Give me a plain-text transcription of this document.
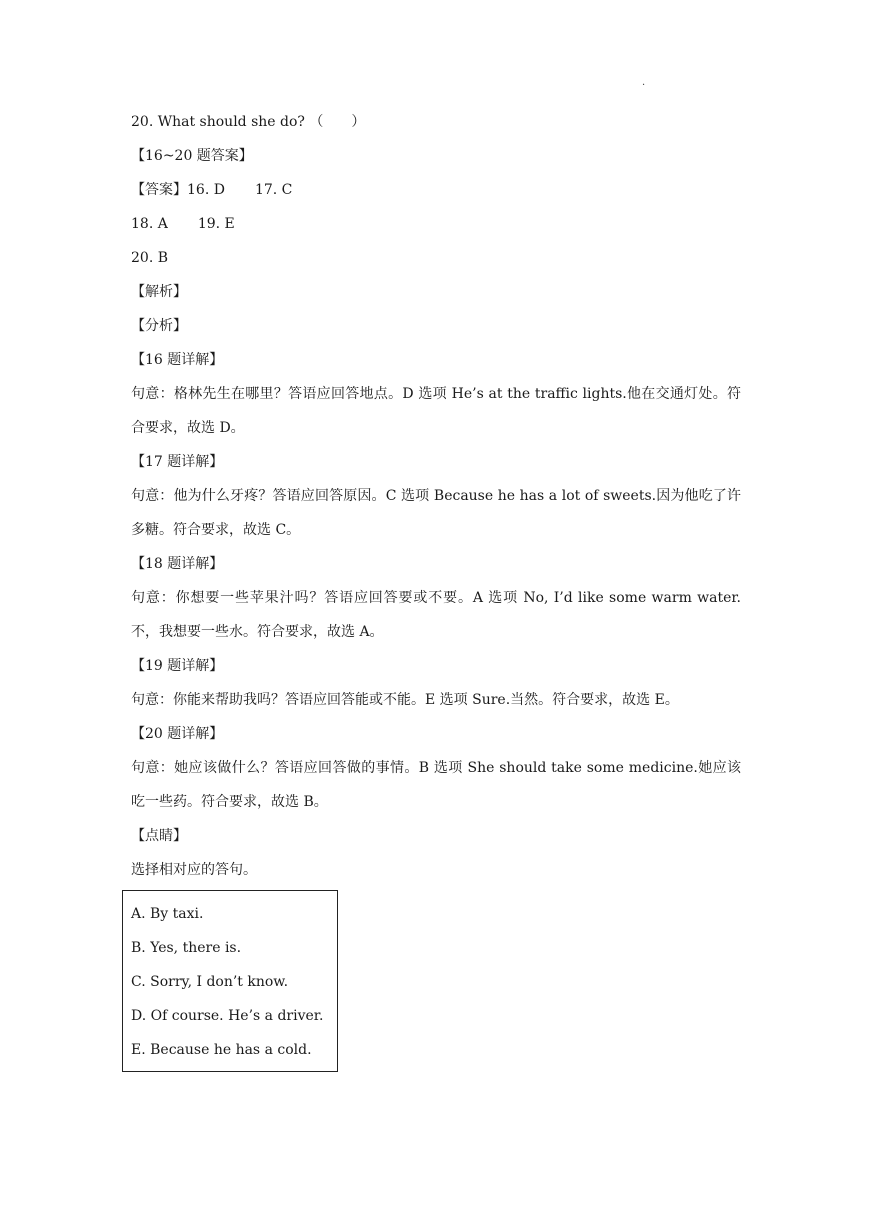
·
20. What should she do? （　　）
【16~20 题答案】
【答案】16. D 17. C
18. A 19. E
20. B
【解析】
【分析】
【16 题详解】
句意：格林先生在哪里？答语应回答地点。D 选项 He’s at the traffic lights.他在交通灯处。符合要求，故选 D。
【17 题详解】
句意：他为什么牙疼？答语应回答原因。C 选项 Because he has a lot of sweets.因为他吃了许多糖。符合要求，故选 C。
【18 题详解】
句意：你想要一些苹果汁吗？答语应回答要或不要。A 选项 No, I’d like some warm water.不，我想要一些水。符合要求，故选 A。
【19 题详解】
句意：你能来帮助我吗？答语应回答能或不能。E 选项 Sure.当然。符合要求，故选 E。
【20 题详解】
句意：她应该做什么？答语应回答做的事情。B 选项 She should take some medicine.她应该吃一些药。符合要求，故选 B。
【点睛】
选择相对应的答句。
A. By taxi.
B. Yes, there is.
C. Sorry, I don’t know.
D. Of course. He’s a driver.
E. Because he has a cold.
